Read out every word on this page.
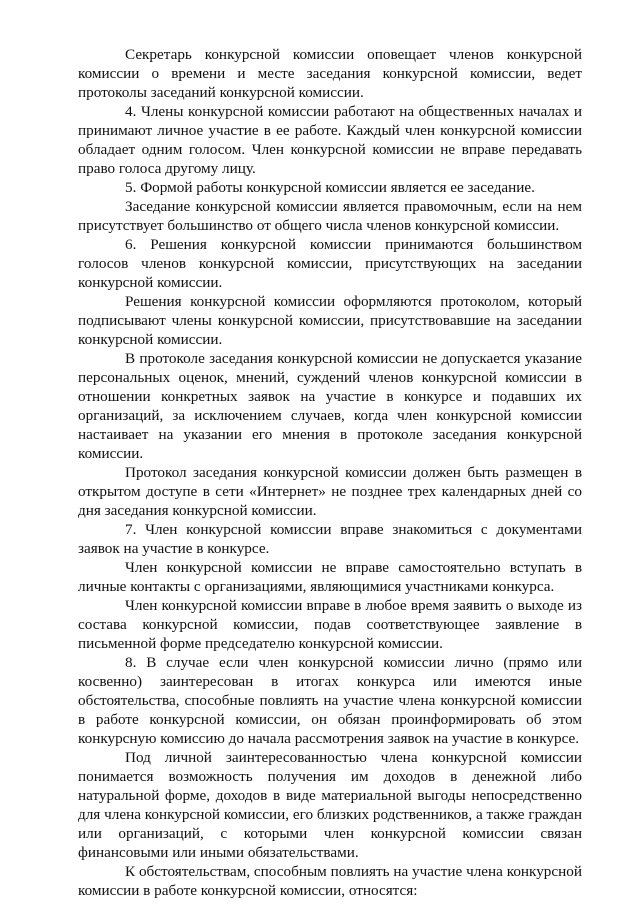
Секретарь конкурсной комиссии оповещает членов конкурсной комиссии о времени и месте заседания конкурсной комиссии, ведет протоколы заседаний конкурсной комиссии.

4. Члены конкурсной комиссии работают на общественных началах и принимают личное участие в ее работе. Каждый член конкурсной комиссии обладает одним голосом. Член конкурсной комиссии не вправе передавать право голоса другому лицу.

5. Формой работы конкурсной комиссии является ее заседание.

Заседание конкурсной комиссии является правомочным, если на нем присутствует большинство от общего числа членов конкурсной комиссии.

6. Решения конкурсной комиссии принимаются большинством голосов членов конкурсной комиссии, присутствующих на заседании конкурсной комиссии.

Решения конкурсной комиссии оформляются протоколом, который подписывают члены конкурсной комиссии, присутствовавшие на заседании конкурсной комиссии.

В протоколе заседания конкурсной комиссии не допускается указание персональных оценок, мнений, суждений членов конкурсной комиссии в отношении конкретных заявок на участие в конкурсе и подавших их организаций, за исключением случаев, когда член конкурсной комиссии настаивает на указании его мнения в протоколе заседания конкурсной комиссии.

Протокол заседания конкурсной комиссии должен быть размещен в открытом доступе в сети «Интернет» не позднее трех календарных дней со дня заседания конкурсной комиссии.

7. Член конкурсной комиссии вправе знакомиться с документами заявок на участие в конкурсе.

Член конкурсной комиссии не вправе самостоятельно вступать в личные контакты с организациями, являющимися участниками конкурса.

Член конкурсной комиссии вправе в любое время заявить о выходе из состава конкурсной комиссии, подав соответствующее заявление в письменной форме председателю конкурсной комиссии.

8. В случае если член конкурсной комиссии лично (прямо или косвенно) заинтересован в итогах конкурса или имеются иные обстоятельства, способные повлиять на участие члена конкурсной комиссии в работе конкурсной комиссии, он обязан проинформировать об этом конкурсную комиссию до начала рассмотрения заявок на участие в конкурсе.

Под личной заинтересованностью члена конкурсной комиссии понимается возможность получения им доходов в денежной либо натуральной форме, доходов в виде материальной выгоды непосредственно для члена конкурсной комиссии, его близких родственников, а также граждан или организаций, с которыми член конкурсной комиссии связан финансовыми или иными обязательствами.

К обстоятельствам, способным повлиять на участие члена конкурсной комиссии в работе конкурсной комиссии, относятся:
